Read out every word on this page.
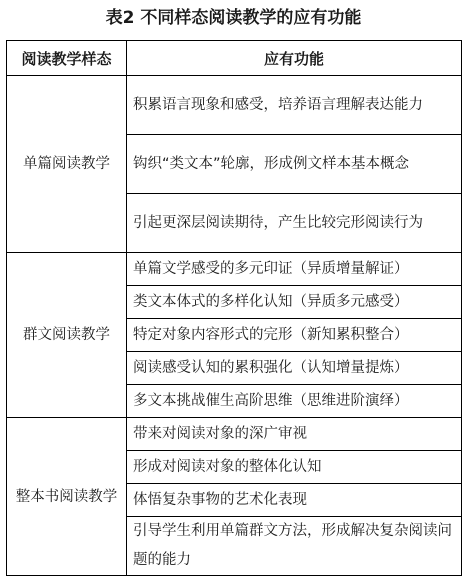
表2 不同样态阅读教学的应有功能
阅读教学样态	应有功能
单篇阅读教学	积累语言现象和感受，培养语言理解表达能力
	钩织“类文本”轮廓，形成例文样本基本概念
	引起更深层阅读期待，产生比较完形阅读行为
群文阅读教学	单篇文学感受的多元印证（异质增量解证）
	类文本体式的多样化认知（异质多元感受）
	特定对象内容形式的完形（新知累积整合）
	阅读感受认知的累积强化（认知增量提炼）
	多文本挑战催生高阶思维（思维进阶演绎）
整本书阅读教学	带来对阅读对象的深广审视
	形成对阅读对象的整体化认知
	体悟复杂事物的艺术化表现
	引导学生利用单篇群文方法，形成解决复杂阅读问题的能力
